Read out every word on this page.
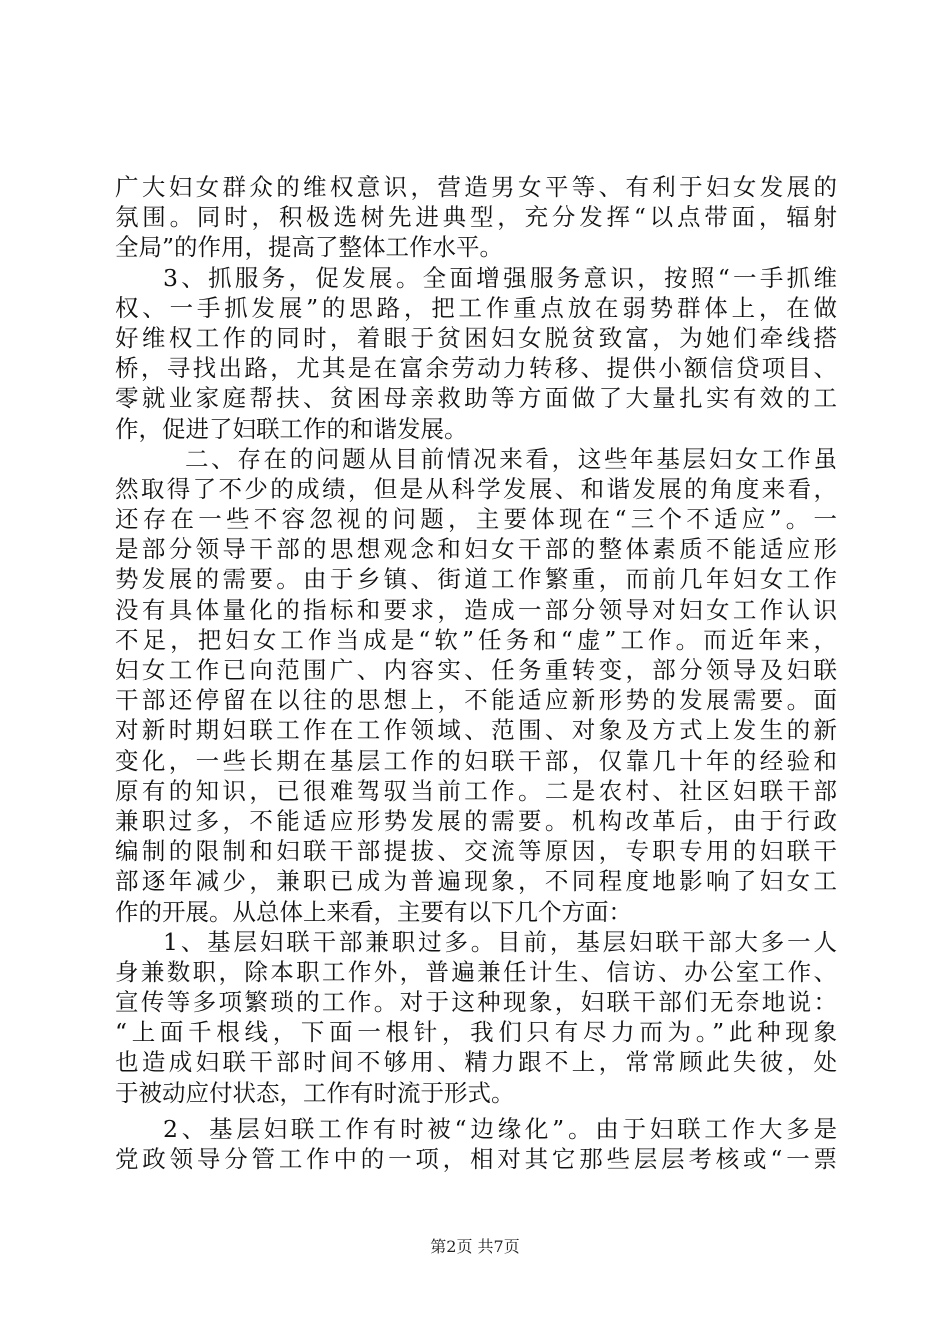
广大妇女群众的维权意识，营造男女平等、有利于妇女发展的
氛围。同时，积极选树先进典型，充分发挥“以点带面，辐射
全局”的作用，提高了整体工作水平。
3、抓服务，促发展。全面增强服务意识，按照“一手抓维
权、一手抓发展”的思路，把工作重点放在弱势群体上，在做
好维权工作的同时，着眼于贫困妇女脱贫致富，为她们牵线搭
桥，寻找出路，尤其是在富余劳动力转移、提供小额信贷项目、
零就业家庭帮扶、贫困母亲救助等方面做了大量扎实有效的工
作，促进了妇联工作的和谐发展。
二、存在的问题从目前情况来看，这些年基层妇女工作虽
然取得了不少的成绩，但是从科学发展、和谐发展的角度来看，
还存在一些不容忽视的问题，主要体现在“三个不适应”。一
是部分领导干部的思想观念和妇女干部的整体素质不能适应形
势发展的需要。由于乡镇、街道工作繁重，而前几年妇女工作
没有具体量化的指标和要求，造成一部分领导对妇女工作认识
不足，把妇女工作当成是“软”任务和“虚”工作。而近年来，
妇女工作已向范围广、内容实、任务重转变，部分领导及妇联
干部还停留在以往的思想上，不能适应新形势的发展需要。面
对新时期妇联工作在工作领域、范围、对象及方式上发生的新
变化，一些长期在基层工作的妇联干部，仅靠几十年的经验和
原有的知识，已很难驾驭当前工作。二是农村、社区妇联干部
兼职过多，不能适应形势发展的需要。机构改革后，由于行政
编制的限制和妇联干部提拔、交流等原因，专职专用的妇联干
部逐年减少，兼职已成为普遍现象，不同程度地影响了妇女工
作的开展。从总体上来看，主要有以下几个方面：
1、基层妇联干部兼职过多。目前，基层妇联干部大多一人
身兼数职，除本职工作外，普遍兼任计生、信访、办公室工作、
宣传等多项繁琐的工作。对于这种现象，妇联干部们无奈地说：
“上面千根线，下面一根针，我们只有尽力而为。”此种现象
也造成妇联干部时间不够用、精力跟不上，常常顾此失彼，处
于被动应付状态，工作有时流于形式。
2、基层妇联工作有时被“边缘化”。由于妇联工作大多是
党政领导分管工作中的一项，相对其它那些层层考核或“一票
第2页 共7页
